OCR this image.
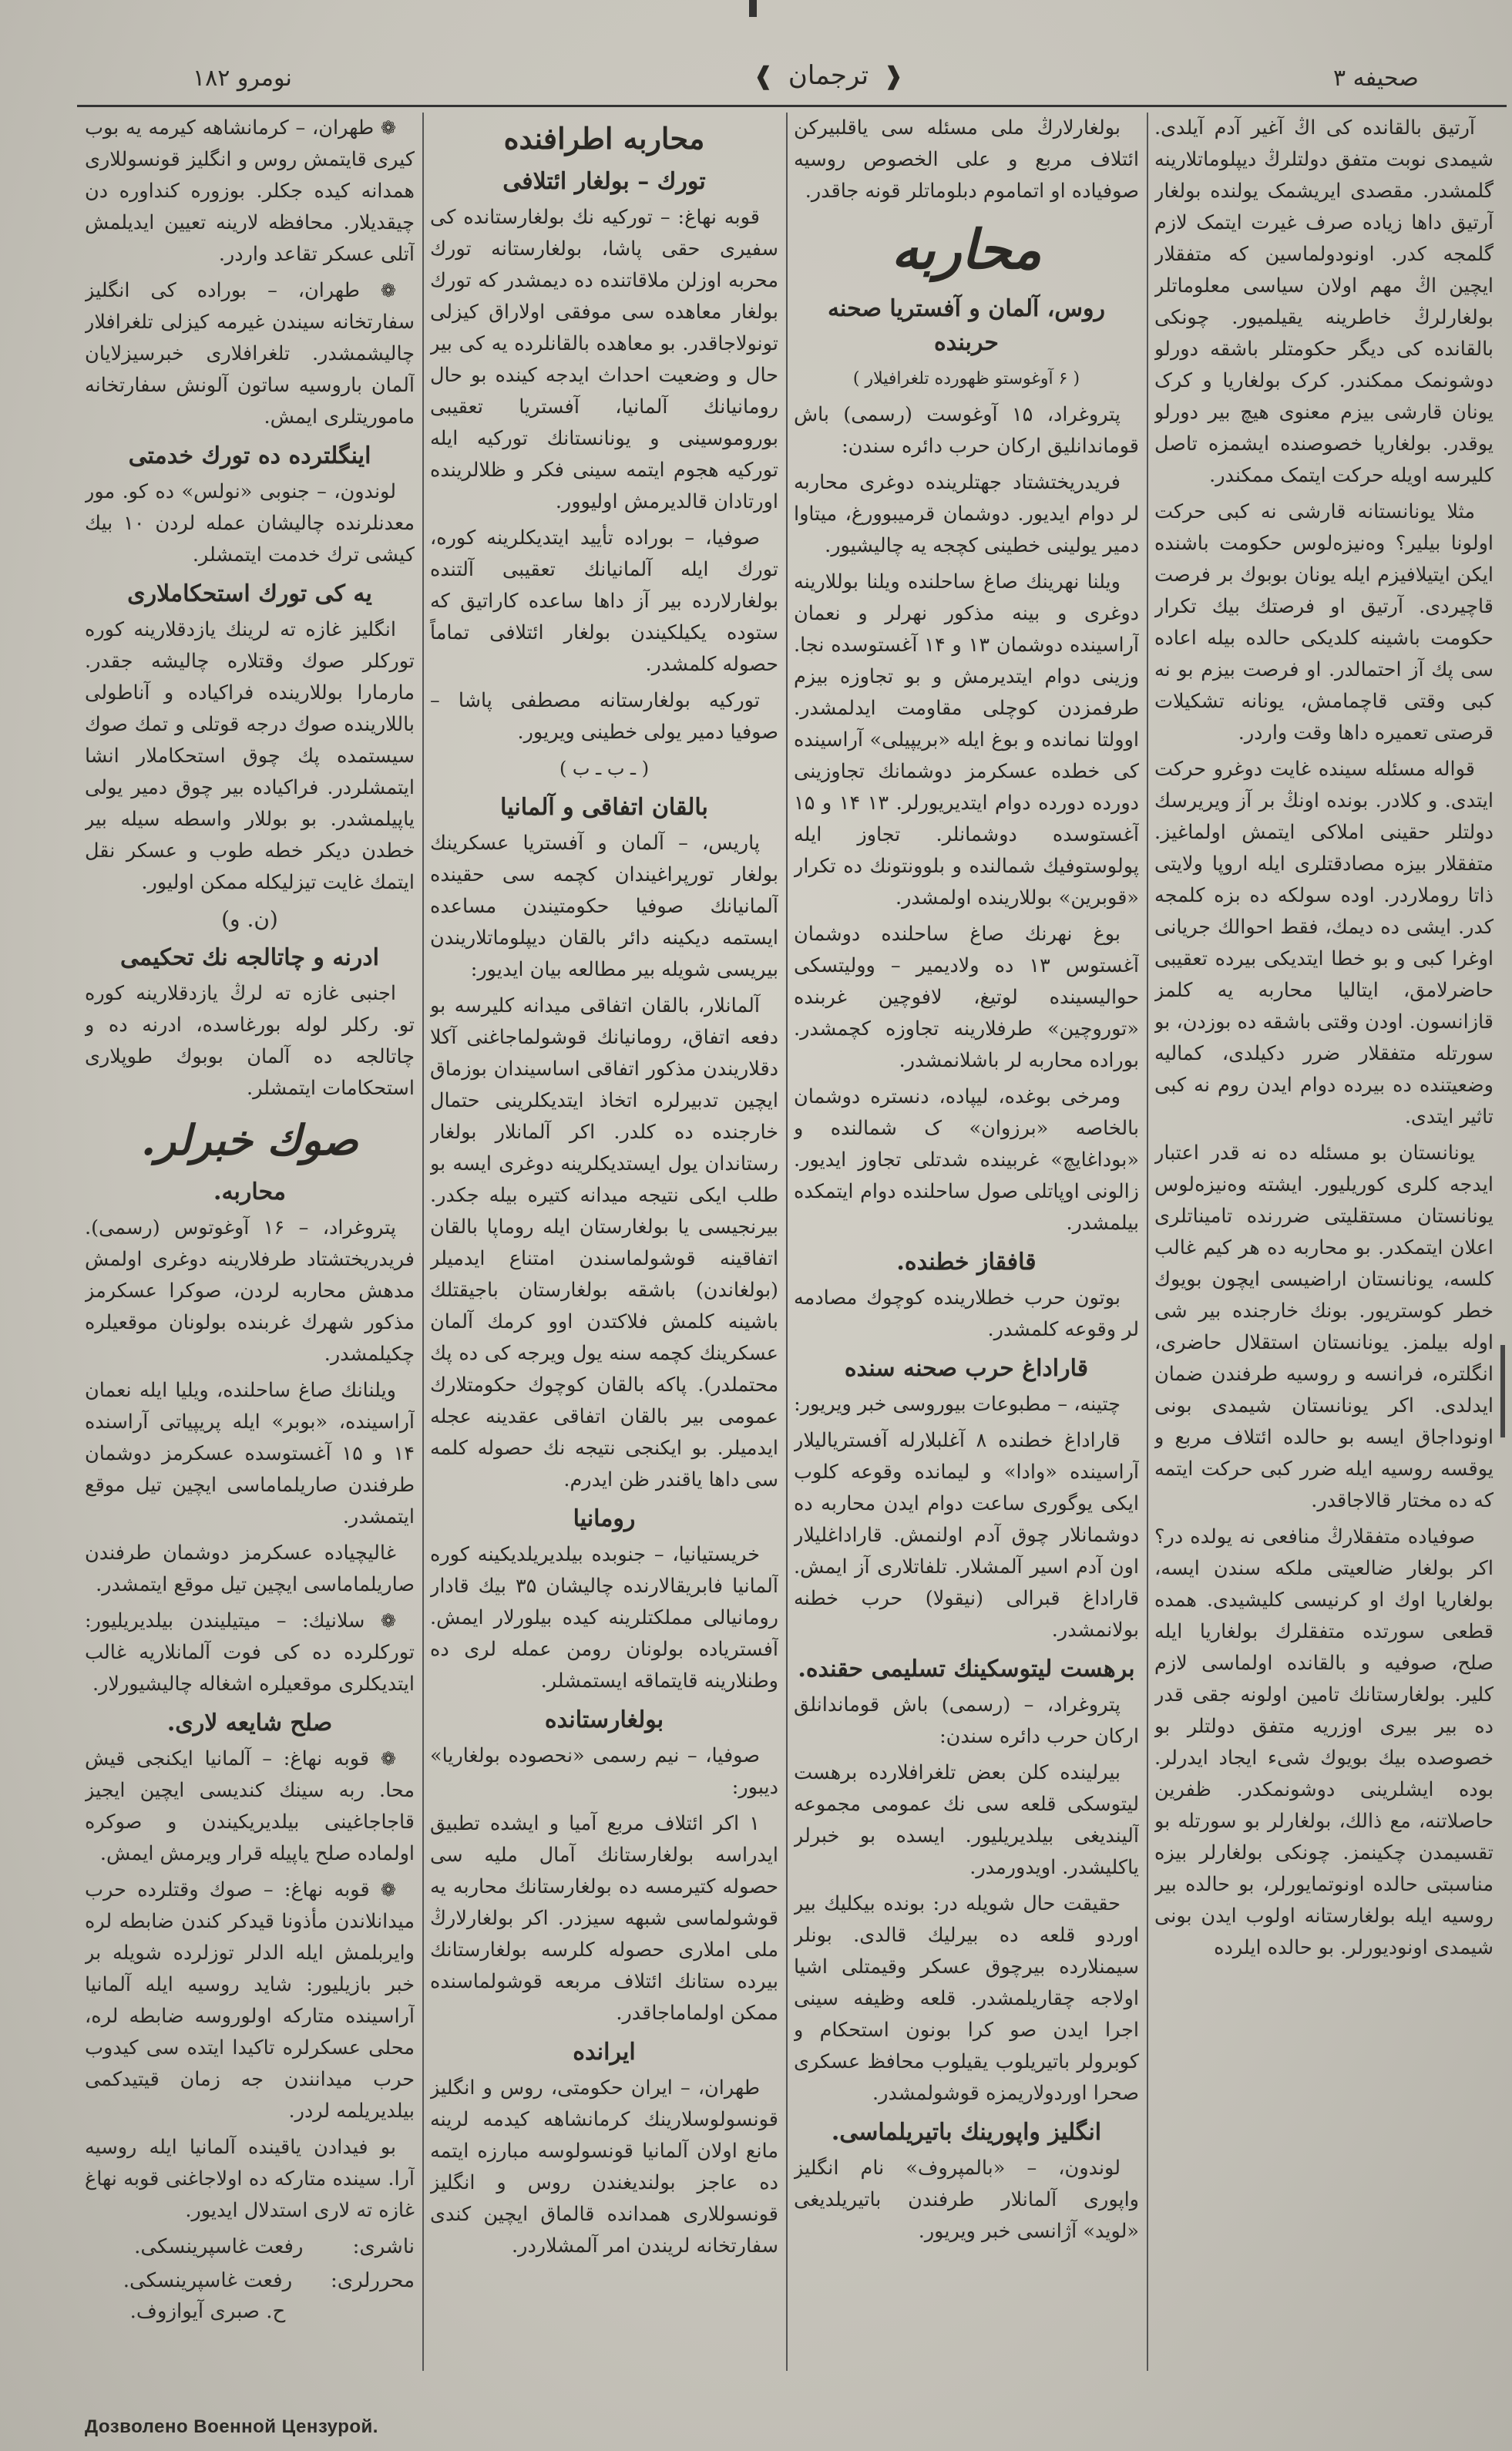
نومرو ۱۸۲	❰ ترجمان ❱	صحیفه ۳

آرتیق بالقانده کی اڭ آغیر آدم آیلدی. شیمدی نوبت متفق دولتلرڭ دیپلوماتلارینه گلمشدر. مقصدی ایریشمک یولنده بولغار آرتیق داها زیاده صرف غیرت ایتمک لازم گلمجه کدر. اونودولماسین که متفقلار ایچین اڭ مهم اولان سیاسی معلوماتلر بولغارلرڭ خاطرینه یقیلمیور. چونکی بالقانده کی دیگر حکومتلر باشقه دورلو دوشونمک ممکندر. کرک بولغاریا و کرک یونان قارشی بیزم معنوی هیچ بیر دورلو یوقدر. بولغاریا خصوصنده ایشمزه تاصل کلیرسه اویله حرکت ایتمک ممکندر.

مثلا یونانستانه قارشی نه کبی حرکت اولونا بیلیر؟ وەنیزەلوس حکومت باشنده ایکن ایتیلافیزم ایله یونان بوبوك بر فرصت قاچیردی. آرتیق او فرصتك بیك تکرار حکومت باشینه کلدیکی حالده بیله اعاده سی پك آز احتمالدر. او فرصت بیزم بو نه کبی وقتی قاچمامش، یونانه تشکیلات قرصتی تعمیره داها وقت واردر.

قواله مسئله سینده غایت دوغرو حرکت ایتدی. و کلادر. بونده اونڭ بر آز ویریرسك دولتلر حقینی املاکی ایتمش اولماغیز. متفقلار بیزه مصادقتلری ایله اروپا ولایتی ذاتا روملاردر. اوده سولکه ده بزه کلمجه کدر. ایشی ده دیمك، فقط احوالك جریانی اوغرا کبی و بو خطا ایتدیکی بیرده تعقیبی حاضرلامق، ایتالیا محاربه یه کلمز قازانسون. اودن وقتی باشقه ده بوزدن، بو سورتله متفقلار ضرر دکیلدی، کمالیه وضعیتنده ده بیرده دوام ایدن روم نه کبی تاثیر ایتدی.

یونانستان بو مسئله ده نه قدر اعتبار ایدجه کلری کوریلیور. ایشته وەنیزەلوس یونانستان مستقلیتی ضررنده تامیناتلری اعلان ایتمکدر. بو محاربه ده هر کیم غالب کلسه، یونانستان اراضیسی ایچون بویوك خطر کوستریور. بونك خارجنده بیر شی اوله بیلمز. یونانستان استقلال حاضری، انگلتره، فرانسه و روسیه طرفندن ضمان ایدلدی. اکر یونانستان شیمدی بونی اونوداجاق ایسه بو حالده ائتلاف مربع و یوقسه روسیه ایله ضرر کبی حرکت ایتمه که ده مختار قالاجاقدر.

صوفیاده متفقلارڭ منافعی نه یولده در؟ اکر بولغار ضالعیتی ملکه سندن ایسه، بولغاریا اوك او کرنیسی کلیشیدی. همده قطعی سورتده متفقلرك بولغاریا ایله صلح، صوفیه و بالقانده اولماسی لازم کلیر. بولغارستانك تامین اولونه جقی قدر ده بیر بیری اوزریه متفق دولتلر بو خصوصده بیك بویوك شیء ایجاد ایدرلر. بوده ایشلرینی دوشونمکدر. ظفرین حاصلاتنه، مع ذالك، بولغارلر بو سورتله بو تقسیمدن چکینمز. چونکی بولغارلر بیزه مناسبتی حالده اونوتمایورلر، بو حالده بیر روسیه ایله بولغارستانه اولوب ایدن بونی شیمدی اونودیورلر. بو حالده ایلرده

بولغارلارڭ ملی مسئله سی یاقلبیرکن ائتلاف مربع و علی الخصوص روسیه صوفیاده او اتماموم دبلوماتلر قونه جاقدر.

محاربه
روس، آلمان و آفستریا صحنه حربنده
( ۶ آوغوستو ظهورده تلغرافیلار )

پتروغراد، ۱۵ آوغوست (رسمی) باش قوماندانلیق ارکان حرب دائره سندن:

فریدریختشتاد جهتلرینده دوغری محاربه لر دوام ایدیور. دوشمان قرمیبوورغ، میتاوا دمیر یولینی خطینی کچجه یه چالیشیور.

ویلنا نهرینك صاغ ساحلنده ویلنا بوللارینه دوغری و بینه مذکور نهرلر و نعمان آراسینده دوشمان ۱۳ و ۱۴ آغستوسده نجا. وزینی دوام ایتدیرمش و بو تجاوزه بیزم طرفمزدن کوچلی مقاومت ایدلمشدر. اوولتا نمانده و بوغ ایله «بریپیلی» آراسینده کی خطده عسکرمز دوشمانك تجاوزینی دورده دورده دوام ایتدیریورلر. ۱۳ ۱۴ و ۱۵ آغستوسده دوشمانلر. تجاوز ایله پولوستوفیك شمالنده و بلوونتونك ده تکرار «قوبرین» بوللارینده اولمشدر.

بوغ نهرنك صاغ ساحلنده دوشمان آغستوس ۱۳ ده ولادیمیر – وولیتسکی حوالیسینده لوتیغ، لافوچین غربنده «توروچین» طرفلارینه تجاوزه کچمشدر. بوراده محاربه لر باشلانمشدر.

ومرخی بوغده، لیپاده، دنستره دوشمان بالخاصه «برزوان» ک شمالنده و «بوداغایچ» غربینده شدتلی تجاوز ایدیور. زالونی اوپاتلی صول ساحلنده دوام ایتمکده بیلمشدر.

قافقاز خطنده.

بوتون حرب خطلارینده کوچوك مصادمه لر وقوعه کلمشدر.

قاراداغ حرب صحنه سنده

چتینه، – مطبوعات بیوروسی خبر ویریور:

قاراداغ خطنده ۸ آغلبلارله آفستریالیلار آراسینده «وادا» و لیمانده وقوعه کلوب ایکی یوگوری ساعت دوام ایدن محاربه ده دوشمانلار چوق آدم اولنمش. قاراداغلیلار اون آدم اسیر آلمشلار. تلفاتلاری آز ایمش. قاراداغ قبرالی (نیقولا) حرب خطنه بولانمشدر.

برهست ليتوسكينك تسليمی حقنده.

پتروغراد، – (رسمی) باش قوماندانلق ارکان حرب دائره سندن:

بیرلینده کلن بعض تلغرافلارده برهست ليتوسكی قلعه سی نك عمومی مجموعه آلینديغی بیلدیریلیور. ایسده بو خبرلر یاکلیشدر. اویدورمدر.

حقیقت حال شویله در: بونده بیکلیك بیر اوردو قلعه ده بیرلیك قالدی. بونلر سیمنلارده بیرچوق عسکر وقیمتلی اشیا اولاجه چقاریلمشدر. قلعه وظیفه سینی اجرا ایدن صو کرا بونون استحکام و کوبرولر باتیریلوب یقیلوب محافظ عسکری صحرا اوردولاریمزه قوشولمشدر.

انگلیز واپورینك باتیریلماسی.

لوندون، – «بالمپروف» نام انگلیز واپوری آلمانلار طرفندن باتیریلدیغی «لوید» آژانسی خبر ویریور.

محاربه اطرافنده
تورك – بولغار ائتلافی

قوبه نهاغ: – تورکیه نك بولغارستانده کی سفیری حقی پاشا، بولغارستانه تورك محربه اوزلن ملاقاتنده ده دیمشدر که تورك بولغار معاهده سی موفقی اولاراق کیزلی تونولاجاقدر. بو معاهده بالقانلرده یه کی بیر حال و وضعیت احداث ایدجه کینده بو حال رومانیانك آلمانیا، آفستریا تعقیبی بوروموسینی و یونانستانك تورکیه ایله تورکیه هجوم ایتمه سینی فکر و ظلالرینده اورتادان قالدیرمش اولیوور.

صوفیا، – بوراده تأیید ایتدیکلرینه کوره، تورك ایله آلمانیانك تعقیبی آلتنده بولغارلارده بیر آز داها ساعده کاراتیق که ستوده یکیلکیندن بولغار ائتلافی تماماً حصوله کلمشدر.

تورکیه بولغارستانه مصطفی پاشا – صوفیا دمیر یولی خطینی ویریور.

( ـ ب ـ ب )
بالقان اتفاقی و آلمانیا

پاریس، – آلمان و آفستریا عسکرینك بولغار تورپراغیندان کچمه سی حقینده آلمانیانك صوفیا حکومتیندن مساعده ایستمه دیکینه دائر بالقان دیپلوماتلاریندن بیریسی شویله بیر مطالعه بیان ایدیور:

آلمانلار، بالقان اتفاقی میدانه کلیرسه بو دفعه اتفاق، رومانیانك قوشولماجاغنی آکلا دقلاریندن مذکور اتفاقی اساسیندان بوزماق ایچین تدبیرلره اتخاذ ایتدیکلرینی حتمال خارجنده ده کلدر. اکر آلمانلار بولغار رستاندان یول ایستدیکلرینه دوغری ایسه بو طلب ایکی نتیجه میدانه کتیره بیله جکدر. بیرنجیسی یا بولغارستان ایله روماپا بالقان اتفاقینه قوشولماسندن امتناع ایدمیلر (بولغاندن) باشقه بولغارستان باجیقتلك باشینه کلمش فلاکتدن اوو کرمك آلمان عسکرینك کچمه سنه یول ویرجه کی ده پك محتملدر). پاکه بالقان کوچوك حکومتلارك عمومی بیر بالقان اتفاقی عقدینه عجله ایدمیلر. بو ایکنجی نتیجه نك حصوله کلمه سی داها یاقندر ظن ایدرم.

رومانیا

خریستیانیا، – جنوبده بیلدیریلدیکینه کوره آلمانیا فابریقالارنده چالیشان ۳۵ بیك قادار رومانیالی مملکتلرینه کیده بیلورلار ایمش. آفستریاده بولونان رومن عمله لری ده وطنلارینه قایتماقه ایستمشلر.

بولغارستانده

صوفیا، – نیم رسمی «نحصوده بولغاریا» دیبور:

۱ اکر ائتلاف مربع آمیا و ایشده تطبیق ایدراسه بولغارستانك آمال ملیه سی حصوله کتیرمسه ده بولغارستانك محاربه یه قوشولماسی شبهه سیزدر. اکر بولغارلارڭ ملی املاری حصوله کلرسه بولغارستانك بیرده ستانك ائتلاف مربعه قوشولماسنده ممکن اولماماجاقدر.

ایرانده

طهران، – ایران حکومتی، روس و انگلیز قونسولوسلارینك کرمانشاهه کیدمه لرینه مانع اولان آلمانیا قونسولوسه مبارزه ایتمه ده عاجز بولندیغندن روس و انگلیز قونسوللاری همدانده قالماق ایچین کندی سفارتخانه لریندن امر آلمشلاردر.

❁ طهران، – کرمانشاهه کیرمه یه بوب کیری قایتمش روس و انگلیز قونسوللاری همدانه کیده جکلر. بوزوره کنداوره دن چیقدیلار. محافظه لارینه تعیین ایدیلمش آتلی عسکر تقاعد واردر.

❁ طهران، – بوراده کی انگلیز سفارتخانه سیندن غیرمه کیزلی تلغرافلار چالیشمشدر. تلغرافلاری خبرسیزلایان آلمان باروسیه ساتون آلونش سفارتخانه ماموریتلری ایمش.

اینگلترده ده تورك خدمتی

لوندون، – جنوبی «نولس» ده کو. مور معدنلرنده چالیشان عمله لردن ۱۰ بیك کیشی ترك خدمت ایتمشلر.

یه کی تورك استحکاملاری

انگلیز غازه ته لرینك یازدقلارینه کوره تورکلر صوك وقتلاره چالیشه جقدر. مارمارا بوللارینده فراکیاده و آناطولی باللارینده صوك درجه قوتلی و تمك صوك سیستمده پك چوق استحکاملار انشا ایتمشلردر. فراکیاده بیر چوق دمیر یولی یاپیلمشدر. بو بوللار واسطه سیله بیر خطدن دیکر خطه طوب و عسکر نقل ایتمك غایت تیزلیکله ممکن اولیور.

(ن. و)
ادرنه و چاتالجه نك تحکیمی

اجنبی غازه ته لرڭ یازدقلارینه کوره تو. رکلر لوله بورغاسده، ادرنه ده و چاتالجه ده آلمان بوبوك طوپلاری استحکامات ایتمشلر.

صوك خبرلر.
محاربه.

پتروغراد، – ۱۶ آوغوتوس (رسمی). فریدریختشتاد طرفلارینه دوغری اولمش مدهش محاربه لردن، صوکرا عسکرمز مذکور شهرك غربنده بولونان موقعیلره چکیلمشدر.

ویلنانك صاغ ساحلنده، ویلیا ایله نعمان آراسینده، «بوبر» ایله پریپیاتی آراسنده ۱۴ و ۱۵ آغستوسده عسکرمز دوشمان طرفندن صاریلماماسی ایچین تیل موقع ایتمشدر.

غالیچیاده عسکرمز دوشمان طرفندن صاریلماماسی ایچین تیل موقع ایتمشدر.

❁ سلانیك: – میتیلیندن بیلدیریلیور: تورکلرده ده کی فوت آلمانلاریه غالب ایتدیکلری موقعیلره اشغاله چالیشیورلار.

صلح شایعه لاری.

❁ قوبه نهاغ: – آلمانیا ایکنجی قیش محا. ربه سینك کندیسی ایچین ایجیز قاجاجاغینی بیلدیریکیندن و صوکره اولماده صلح یاپیله قرار ویرمش ایمش.

❁ قوبه نهاغ: – صوك وقتلرده حرب میدانلاندن مأذونا قیدکر کندن ضابطه لره وایربلمش ایله الدلر توزلرده شویله بر خبر بازیلیور: شاید روسیه ایله آلمانیا آراسینده متارکه اولوروسه ضابطه لره، محلی عسکرلره تاکیدا ایتده سی کیدوب حرب میدانندن جه زمان قیتیدکمی بیلدیریلمه لردر.

بو فیدادن یاقینده آلمانیا ایله روسیه آرا. سینده متارکه ده اولاجاغنی قوبه نهاغ غازه ته لاری استدلال ایدیور.

ناشری:
رفعت غاسپرینسکی.
محررلری:
رفعت غاسپرینسکی.
ح. صبری آیوازوف.
Дозволено Военной Цензурой.
